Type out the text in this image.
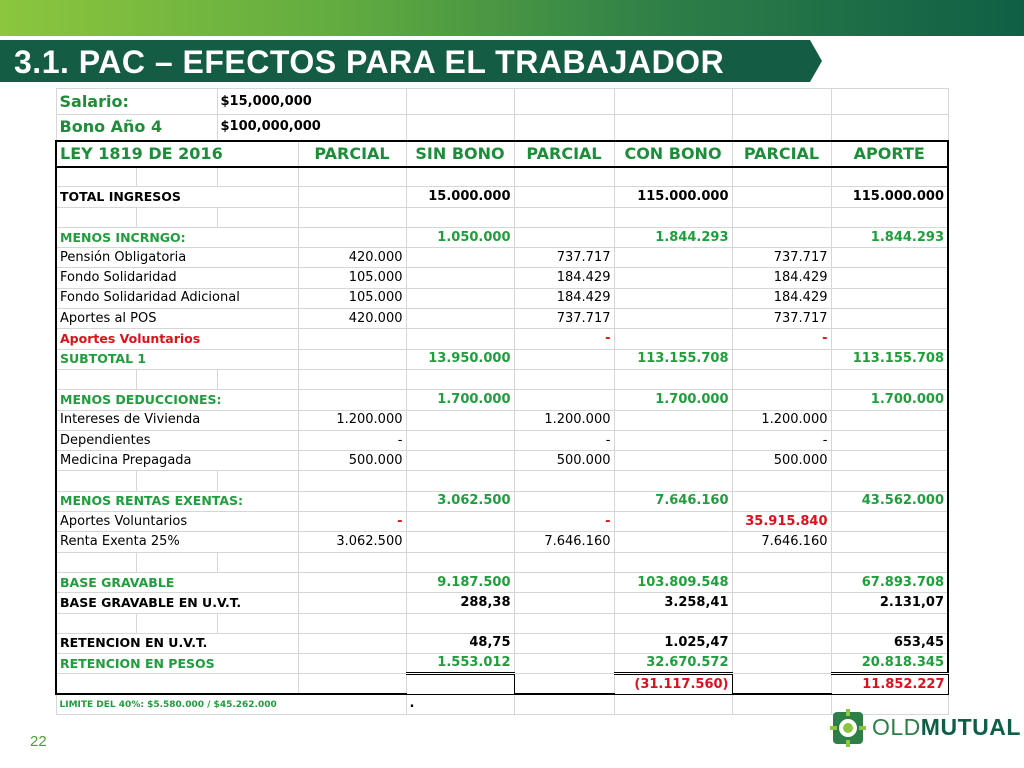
3.1. PAC – EFECTOS PARA EL TRABAJADOR
Salario:		$15,000,000						
Bono Año 4		$100,000,000						
LEY 1819 DE 2016			PARCIAL	SIN BONO	PARCIAL	CON BONO	PARCIAL	APORTE

TOTAL INGRESOS				15.000.000		115.000.000		115.000.000

MENOS INCRNGO:				1.050.000		1.844.293		1.844.293
Pensión Obligatoria			420.000		737.717		737.717	
Fondo Solidaridad			105.000		184.429		184.429	
Fondo Solidaridad Adicional			105.000		184.429		184.429	
Aportes al POS			420.000		737.717		737.717	
Aportes Voluntarios					-		-	
SUBTOTAL 1				13.950.000		113.155.708		113.155.708

MENOS DEDUCCIONES:				1.700.000		1.700.000		1.700.000
Intereses de Vivienda			1.200.000		1.200.000		1.200.000	
Dependientes			-		-		-	
Medicina Prepagada			500.000		500.000		500.000	

MENOS RENTAS EXENTAS:				3.062.500		7.646.160		43.562.000
Aportes Voluntarios			-		-		35.915.840	
Renta Exenta 25%			3.062.500		7.646.160		7.646.160	

BASE GRAVABLE				9.187.500		103.809.548		67.893.708
BASE GRAVABLE EN U.V.T.				288,38		3.258,41		2.131,07

RETENCION EN U.V.T.				48,75		1.025,47		653,45
RETENCION EN PESOS				1.553.012		32.670.572		20.818.345
						(31.117.560)		11.852.227
LIMITE DEL 40%: $5.580.000 / $45.262.000				.				
22
OLDMUTUAL
